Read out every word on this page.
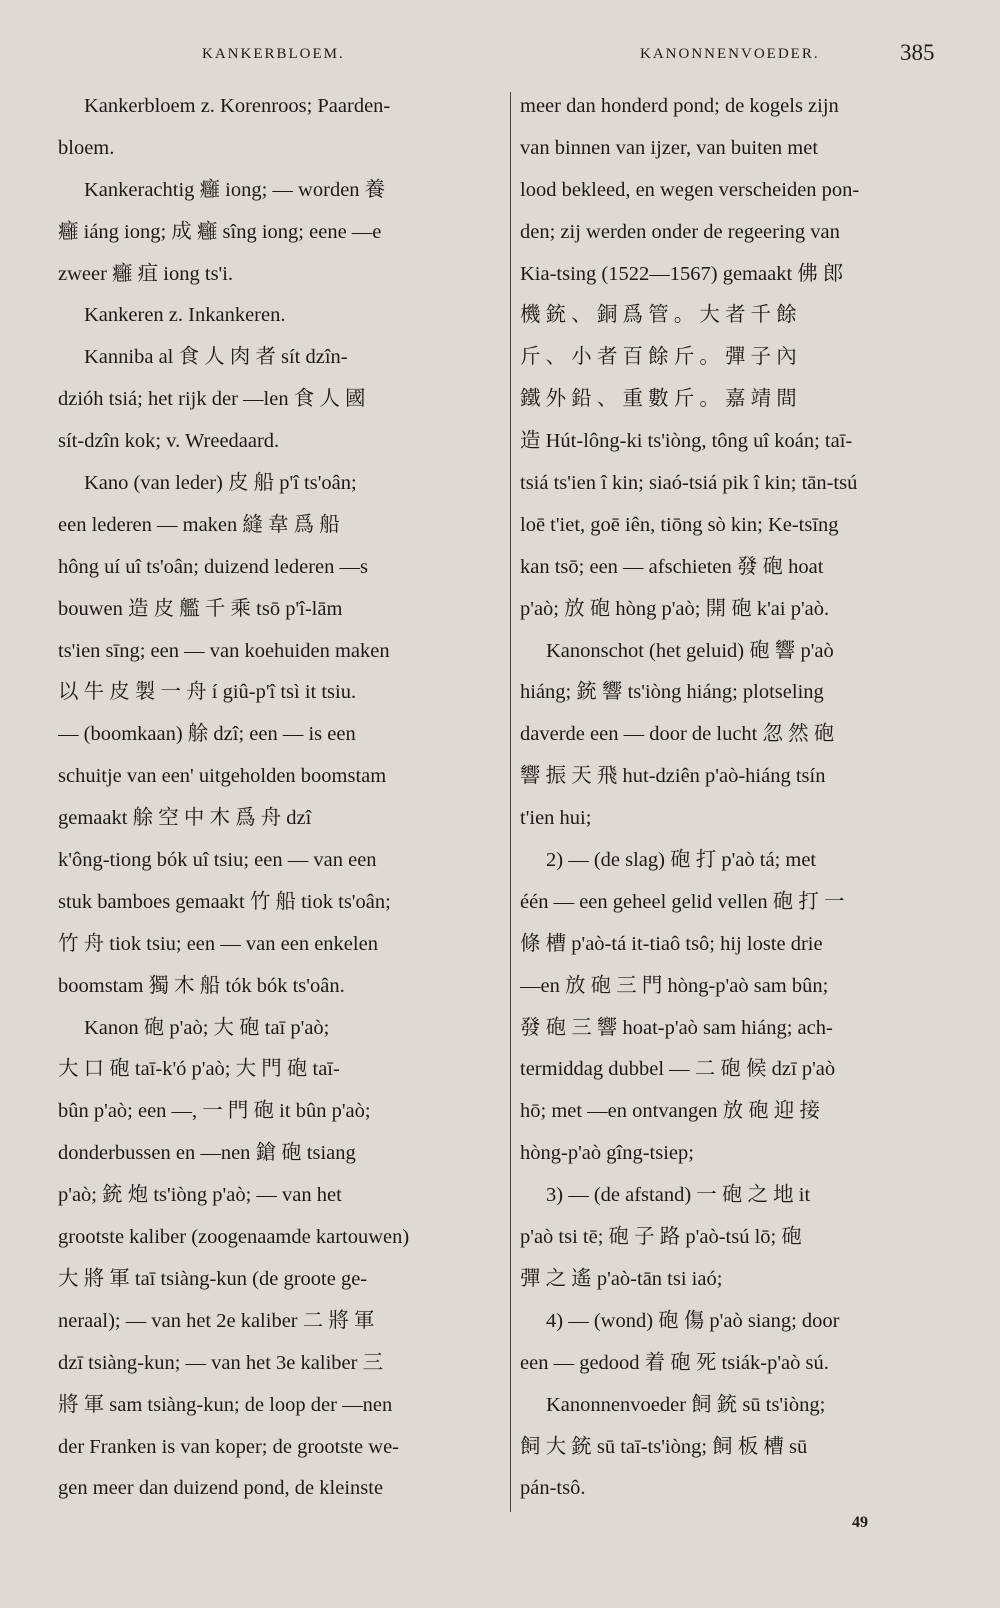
KANKERBLOEM.	KANONNENVOEDER.	385
Kankerbloem z. Korenroos; Paarden-
bloem.
Kankerachtig 癰 iong; — worden 養
癰 iáng iong; 成 癰 sîng iong; eene —e
zweer 癰 疽 iong ts'i.
Kankeren z. Inkankeren.
Kanniba al 食 人 肉 者 sít dzîn-
dzióh tsiá; het rijk der —len 食 人 國
sít-dzîn kok; v. Wreedaard.
Kano (van leder) 皮 船 p'î ts'oân;
een lederen — maken 縫 韋 爲 船
hông uí uî ts'oân; duizend lederen —s
bouwen 造 皮 艦 千 乘 tsō p'î-lām
ts'ien sīng; een — van koehuiden maken
以 牛 皮 製 一 舟 í giû-p'î tsì it tsiu.
— (boomkaan) 艅 dzî; een — is een
schuitje van een' uitgeholden boomstam
gemaakt 艅 空 中 木 爲 舟 dzî
k'ông-tiong bók uî tsiu; een — van een
stuk bamboes gemaakt 竹 船 tiok ts'oân;
竹 舟 tiok tsiu; een — van een enkelen
boomstam 獨 木 船 tók bók ts'oân.
Kanon 砲 p'aò; 大 砲 taī p'aò;
大 口 砲 taī-k'ó p'aò; 大 門 砲 taī-
bûn p'aò; een —, 一 門 砲 it bûn p'aò;
donderbussen en —nen 鎗 砲 tsiang
p'aò; 銃 炮 ts'iòng p'aò; — van het
grootste kaliber (zoogenaamde kartouwen)
大 將 軍 taī tsiàng-kun (de groote ge-
neraal); — van het 2e kaliber 二 將 軍
dzī tsiàng-kun; — van het 3e kaliber 三
將 軍 sam tsiàng-kun; de loop der —nen
der Franken is van koper; de grootste we-
gen meer dan duizend pond, de kleinste
meer dan honderd pond; de kogels zijn
van binnen van ijzer, van buiten met
lood bekleed, en wegen verscheiden pon-
den; zij werden onder de regeering van
Kia-tsing (1522—1567) gemaakt 佛 郎
機 銃 、 銅 爲 管 。 大 者 千 餘
斤 、 小 者 百 餘 斤 。 彈 子 內
鐵 外 鉛 、 重 數 斤 。 嘉 靖 間
造 Hút-lông-ki ts'iòng, tông uî koán; taī-
tsiá ts'ien î kin; siaó-tsiá pik î kin; tān-tsú
loē t'iet, goē iên, tiōng sò kin; Ke-tsīng
kan tsō; een — afschieten 發 砲 hoat
p'aò; 放 砲 hòng p'aò; 開 砲 k'ai p'aò.
Kanonschot (het geluid) 砲 響 p'aò
hiáng; 銃 響 ts'iòng hiáng; plotseling
daverde een — door de lucht 忽 然 砲
響 振 天 飛 hut-dziên p'aò-hiáng tsín
t'ien hui;
2) — (de slag) 砲 打 p'aò tá; met
één — een geheel gelid vellen 砲 打 一
條 槽 p'aò-tá it-tiaô tsô; hij loste drie
—en 放 砲 三 門 hòng-p'aò sam bûn;
發 砲 三 響 hoat-p'aò sam hiáng; ach-
termiddag dubbel — 二 砲 候 dzī p'aò
hō; met —en ontvangen 放 砲 迎 接
hòng-p'aò gîng-tsiep;
3) — (de afstand) 一 砲 之 地 it
p'aò tsi tē; 砲 子 路 p'aò-tsú lō; 砲
彈 之 遙 p'aò-tān tsi iaó;
4) — (wond) 砲 傷 p'aò siang; door
een — gedood 着 砲 死 tsiák-p'aò sú.
Kanonnenvoeder 飼 銃 sū ts'iòng;
飼 大 銃 sū taī-ts'iòng; 飼 板 槽 sū
pán-tsô.
49
